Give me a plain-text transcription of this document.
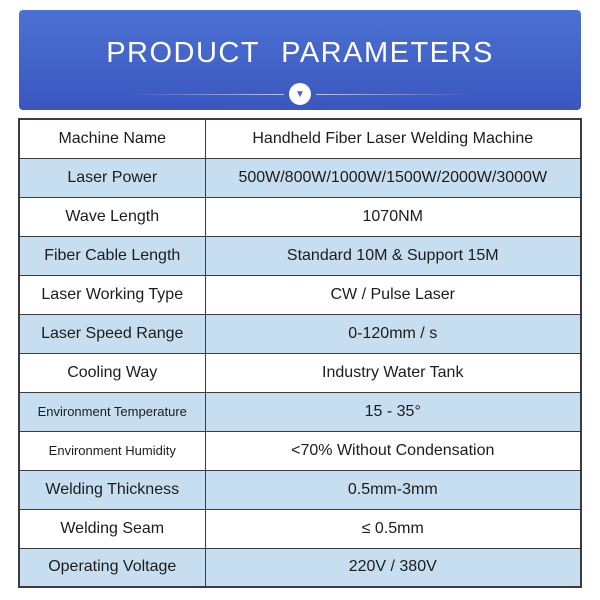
PRODUCT PARAMETERS
▼
Machine Name	Handheld Fiber Laser Welding Machine
Laser Power	500W/800W/1000W/1500W/2000W/3000W
Wave Length	1070NM
Fiber Cable Length	Standard 10M & Support 15M
Laser Working Type	CW / Pulse Laser
Laser Speed Range	0-120mm / s
Cooling Way	Industry Water Tank
Environment Temperature	15 - 35°
Environment Humidity	<70% Without Condensation
Welding Thickness	0.5mm-3mm
Welding Seam	≤ 0.5mm
Operating Voltage	220V / 380V
